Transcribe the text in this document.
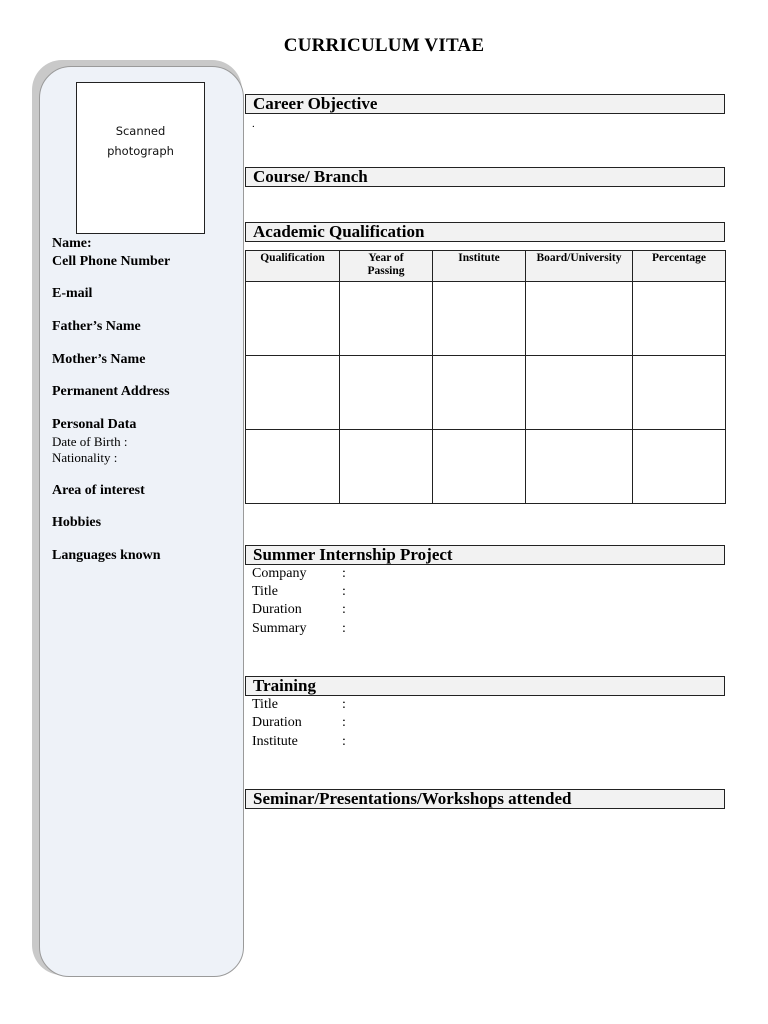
CURRICULUM VITAE
Scanned
photograph
Name:
Cell Phone Number
E-mail
Father’s Name
Mother’s Name
Permanent Address
Personal Data
Date of Birth :
Nationality :
Area of interest
Hobbies
Languages known
Career Objective
.
Course/ Branch
Academic Qualification
Qualification	Year of Passing	Institute	Board/University	Percentage

Summer Internship Project
Company	:
Title	:
Duration	:
Summary	:
Training
Title	:
Duration	:
Institute	:
Seminar/Presentations/Workshops attended
